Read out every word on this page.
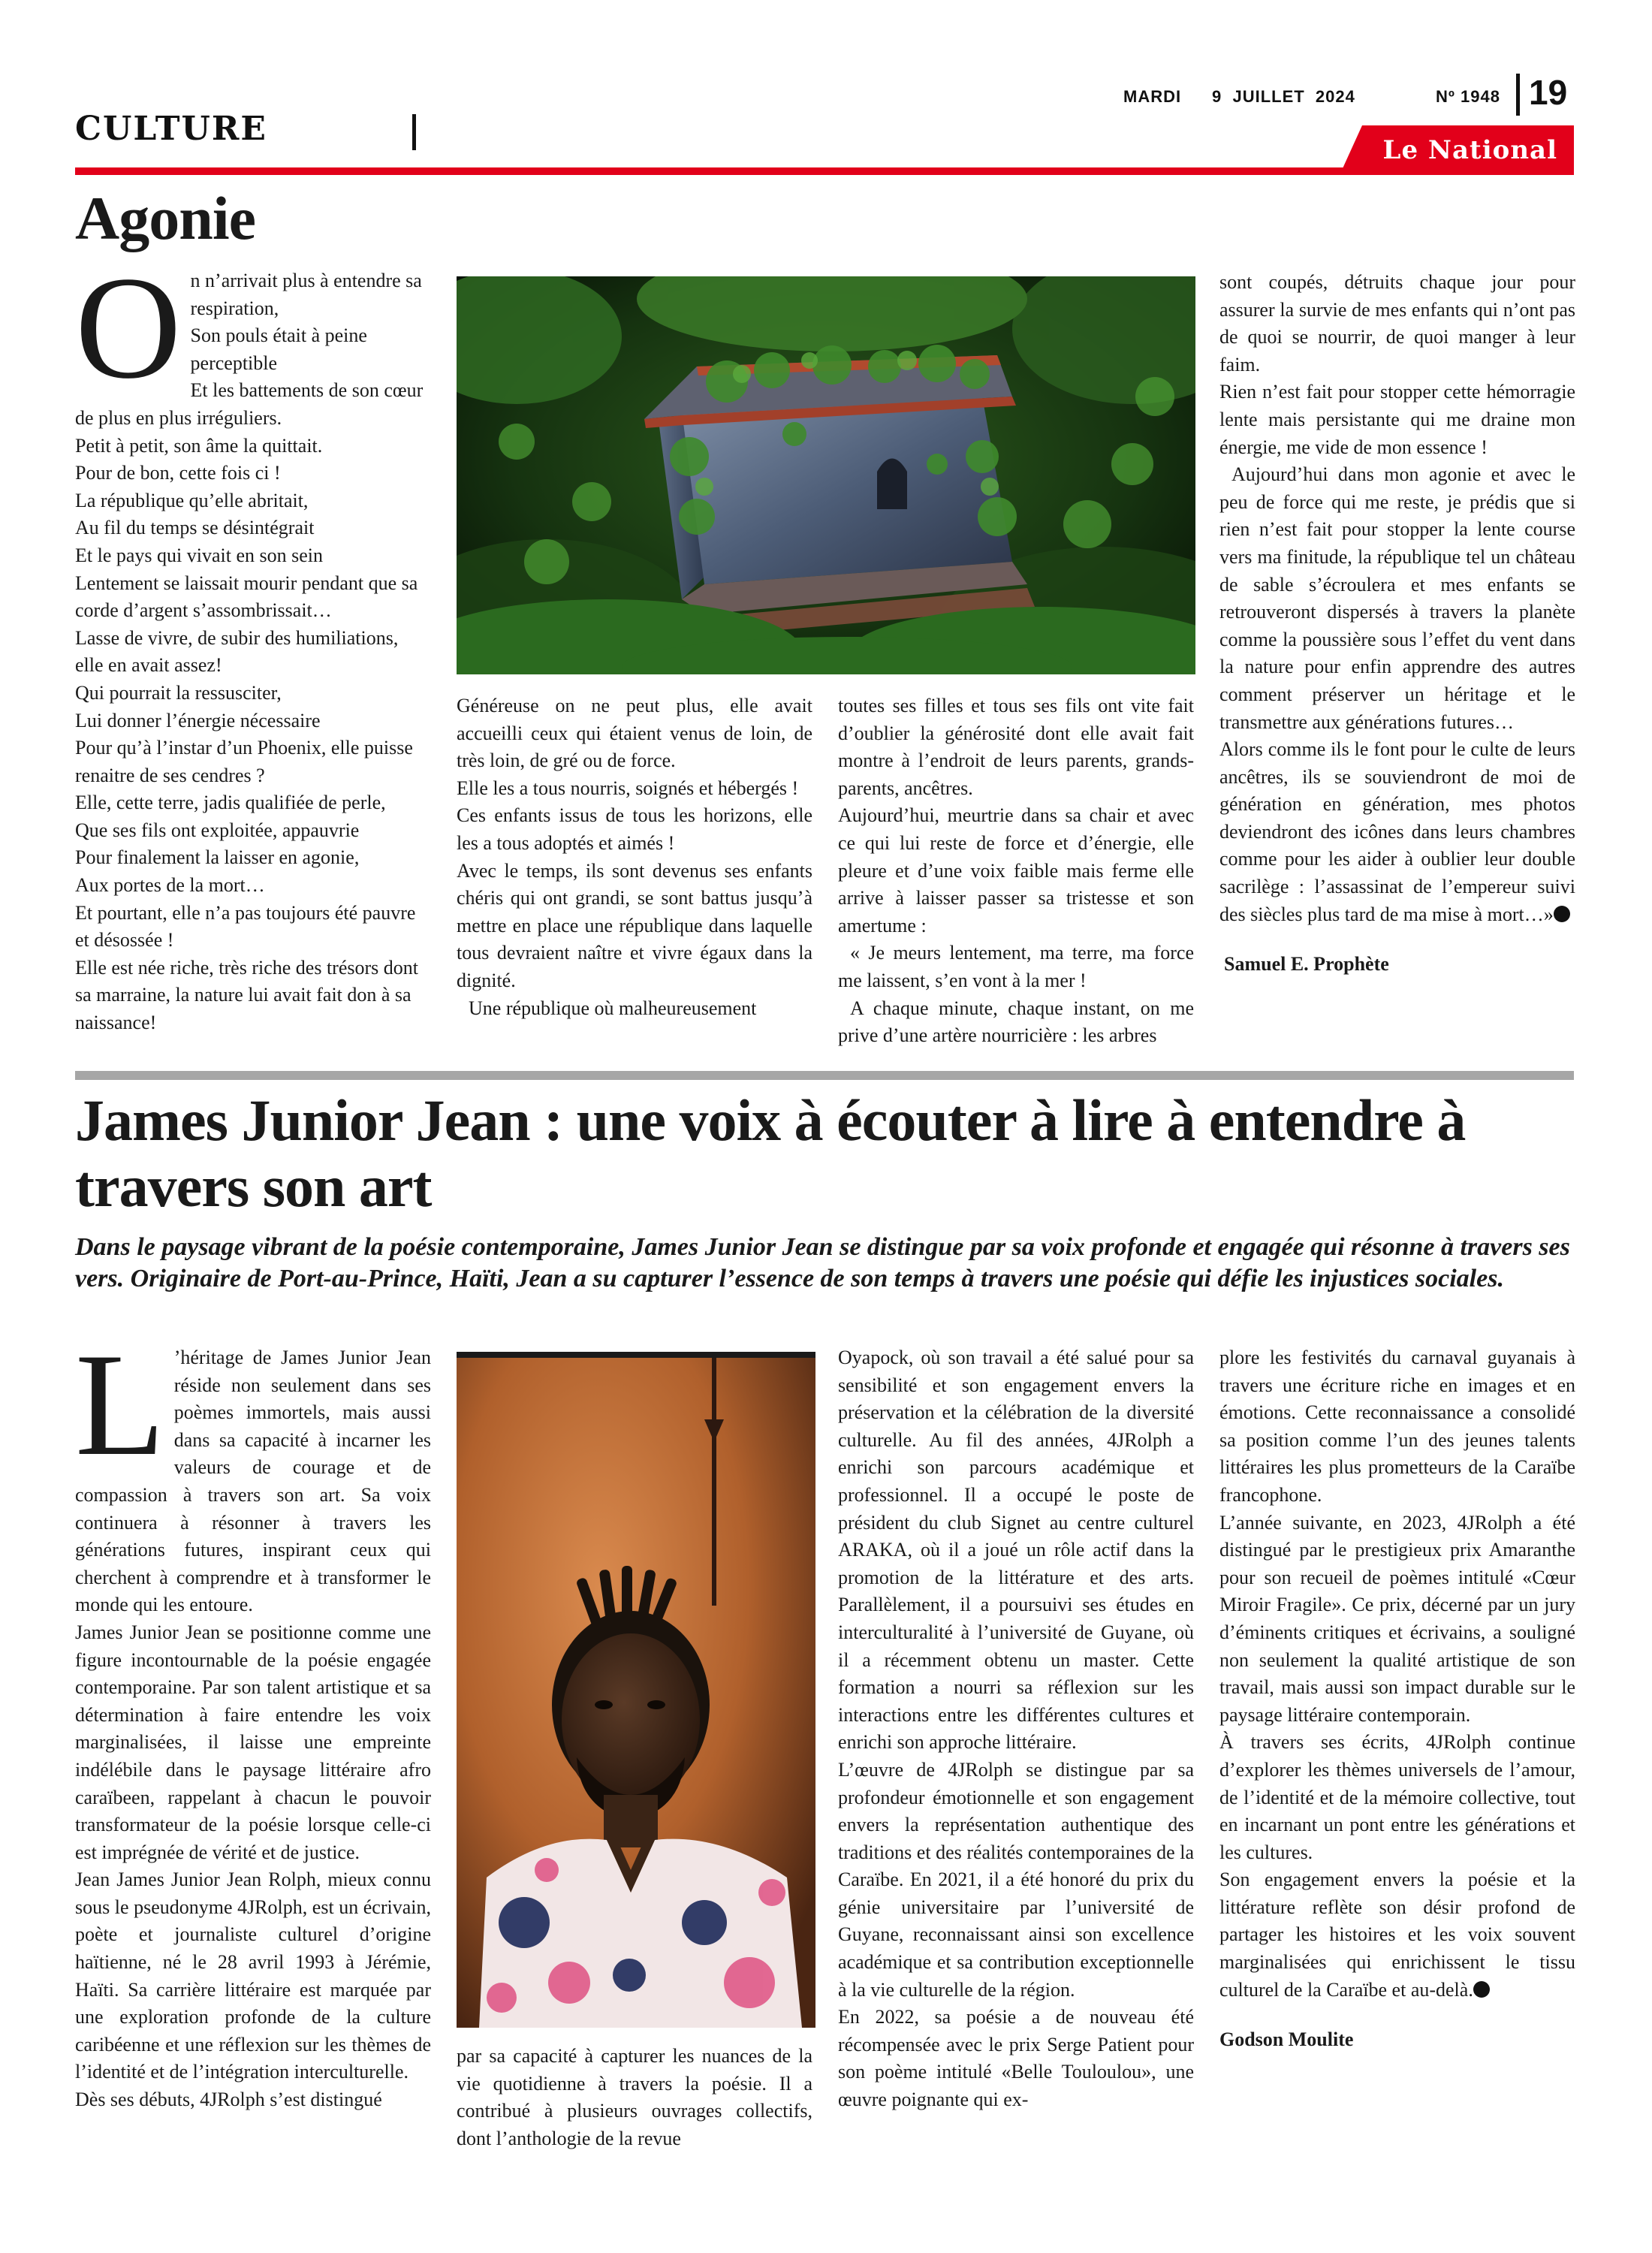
CULTURE
MARDI 9  JUILLET  2024	Nº 1948 19
Le National
Agonie
O n n’arrivait plus à entendre sa respiration,

Son pouls était à peine perceptible

Et les battements de son cœur de plus en plus irréguliers.

Petit à petit, son âme la quittait.

Pour de bon, cette fois ci !

La république qu’elle abritait,

Au fil du temps se désintégrait

Et le pays qui vivait en son sein

Lentement se laissait mourir pendant que sa corde d’argent s’assombrissait…

Lasse de vivre, de subir des humiliations, elle en avait assez!

Qui pourrait la ressusciter,

Lui donner l’énergie nécessaire

Pour qu’à l’instar d’un Phoenix, elle puisse renaitre de ses cendres ?

Elle, cette terre, jadis qualifiée de perle,

Que ses fils ont exploitée, appauvrie

Pour finalement la laisser en agonie,

Aux portes de la mort…

Et pourtant, elle n’a pas toujours été pauvre et désossée !

Elle est née riche, très riche des trésors dont sa marraine, la nature lui avait fait don à sa naissance!

Généreuse on ne peut plus, elle avait accueilli ceux qui étaient venus de loin, de très loin, de gré ou de force.

Elle les a tous nourris, soignés et hébergés !

Ces enfants issus de tous les horizons, elle les a tous adoptés et aimés !

Avec le temps, ils sont devenus ses enfants chéris qui ont grandi, se sont battus jusqu’à mettre en place une république dans laquelle tous devraient naître et vivre égaux dans la dignité.

Une république où malheureusement

toutes ses filles et tous ses fils ont vite fait d’oublier la générosité dont elle avait fait montre à l’endroit de leurs parents, grands-parents, ancêtres.

Aujourd’hui, meurtrie dans sa chair et avec ce qui lui reste de force et d’énergie, elle pleure et d’une voix faible mais ferme elle arrive à laisser passer sa tristesse et son amertume :

« Je meurs lentement, ma terre, ma force me laissent, s’en vont à la mer !

A chaque minute, chaque instant, on me prive d’une artère nourricière : les arbres

sont coupés, détruits chaque jour pour assurer la survie de mes enfants qui n’ont pas de quoi se nourrir, de quoi manger à leur faim.

Rien n’est fait pour stopper cette hémorragie lente mais persistante qui me draine mon énergie, me vide de mon essence !

Aujourd’hui dans mon agonie et avec le peu de force qui me reste, je prédis que si rien n’est fait pour stopper la lente course vers ma finitude, la république tel un château de sable s’écroulera et mes enfants se retrouveront dispersés à travers la planète comme la poussière sous l’effet du vent dans la nature pour enfin apprendre des autres comment préserver un héritage et le transmettre aux générations futures…

Alors comme ils le font pour le culte de leurs ancêtres, ils se souviendront de moi de génération en génération, mes photos deviendront des icônes dans leurs chambres comme pour les aider à oublier leur double sacrilège : l’assassinat de l’empereur suivi des siècles plus tard de ma mise à mort…»

Samuel E. Prophète

James Junior Jean : une voix à écouter à lire à entendre à travers son art

Dans le paysage vibrant de la poésie contemporaine, James Junior Jean se distingue par sa voix profonde et engagée qui résonne à travers ses vers. Originaire de Port-au-Prince, Haïti, Jean a su capturer l’essence de son temps à travers une poésie qui défie les injustices sociales.

L ’héritage de James Junior Jean réside non seulement dans ses poèmes immortels, mais aussi dans sa capacité à incarner les valeurs de courage et de compassion à travers son art. Sa voix continuera à résonner à travers les générations futures, inspirant ceux qui cherchent à comprendre et à transformer le monde qui les entoure.

James Junior Jean se positionne comme une figure incontournable de la poésie engagée contemporaine. Par son talent artistique et sa détermination à faire entendre les voix marginalisées, il laisse une empreinte indélébile dans le paysage littéraire afro caraïbeen, rappelant à chacun le pouvoir transformateur de la poésie lorsque celle-ci est imprégnée de vérité et de justice.

Jean James Junior Jean Rolph, mieux connu sous le pseudonyme 4JRolph, est un écrivain, poète et journaliste culturel d’origine haïtienne, né le 28 avril 1993 à Jérémie, Haïti. Sa carrière littéraire est marquée par une exploration profonde de la culture caribéenne et une réflexion sur les thèmes de l’identité et de l’intégration interculturelle.

Dès ses débuts, 4JRolph s’est distingué

par sa capacité à capturer les nuances de la vie quotidienne à travers la poésie. Il a contribué à plusieurs ouvrages collectifs, dont l’anthologie de la revue

Oyapock, où son travail a été salué pour sa sensibilité et son engagement envers la préservation et la célébration de la diversité culturelle. Au fil des années, 4JRolph a enrichi son parcours académique et professionnel. Il a occupé le poste de président du club Signet au centre culturel ARAKA, où il a joué un rôle actif dans la promotion de la littérature et des arts. Parallèlement, il a poursuivi ses études en interculturalité à l’université de Guyane, où il a récemment obtenu un master. Cette formation a nourri sa réflexion sur les interactions entre les différentes cultures et enrichi son approche littéraire.

L’œuvre de 4JRolph se distingue par sa profondeur émotionnelle et son engagement envers la représentation authentique des traditions et des réalités contemporaines de la Caraïbe. En 2021, il a été honoré du prix du génie universitaire par l’université de Guyane, reconnaissant ainsi son excellence académique et sa contribution exceptionnelle à la vie culturelle de la région.

En 2022, sa poésie a de nouveau été récompensée avec le prix Serge Patient pour son poème intitulé «Belle Touloulou», une œuvre poignante qui ex-

plore les festivités du carnaval guyanais à travers une écriture riche en images et en émotions. Cette reconnaissance a consolidé sa position comme l’un des jeunes talents littéraires les plus prometteurs de la Caraïbe francophone.

L’année suivante, en 2023, 4JRolph a été distingué par le prestigieux prix Amaranthe pour son recueil de poèmes intitulé «Cœur Miroir Fragile». Ce prix, décerné par un jury d’éminents critiques et écrivains, a souligné non seulement la qualité artistique de son travail, mais aussi son impact durable sur le paysage littéraire contemporain.

À travers ses écrits, 4JRolph continue d’explorer les thèmes universels de l’amour, de l’identité et de la mémoire collective, tout en incarnant un pont entre les générations et les cultures.

Son engagement envers la poésie et la littérature reflète son désir profond de partager les histoires et les voix souvent marginalisées qui enrichissent le tissu culturel de la Caraïbe et au-delà.

Godson Moulite
